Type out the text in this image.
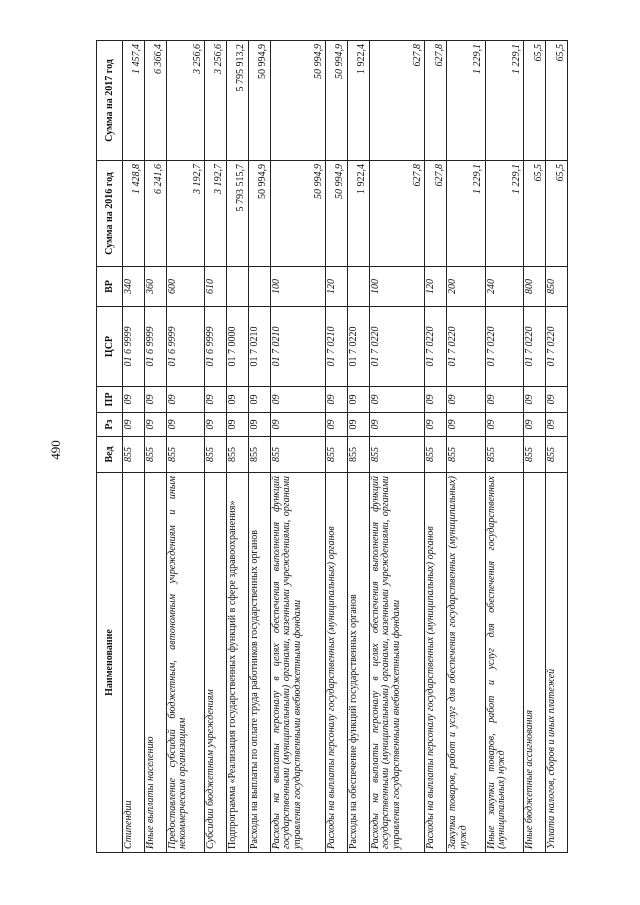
490
Наименование	Вед	Рз	ПР	ЦСР	ВР	Сумма на 2016 год	Сумма на 2017 год
Стипендии	855	09	09	01 6 9999	340	1 428,8	1 457,4
Иные выплаты населению	855	09	09	01 6 9999	360	6 241,6	6 366,4
Предоставление субсидий бюджетным, автономным учреждениям и иным некоммерческим организациям	855	09	09	01 6 9999	600	3 192,7	3 256,6
Субсидии бюджетным учреждениям	855	09	09	01 6 9999	610	3 192,7	3 256,6
Подпрограмма «Реализация государственных функций в сфере здравоохранения»	855	09	09	01 7 0000		5 793 515,7	5 795 913,2
Расходы на выплаты по оплате труда работников государственных органов	855	09	09	01 7 0210		50 994,9	50 994,9
Расходы на выплаты персоналу в целях обеспечения выполнения функций государственными (муниципальными) органами, казенными учреждениями, органами управления государственными внебюджетными фондами	855	09	09	01 7 0210	100	50 994,9	50 994,9
Расходы на выплаты персоналу государственных (муниципальных) органов	855	09	09	01 7 0210	120	50 994,9	50 994,9
Расходы на обеспечение функций государственных органов	855	09	09	01 7 0220		1 922,4	1 922,4
Расходы на выплаты персоналу в целях обеспечения выполнения функций государственными (муниципальными) органами, казенными учреждениями, органами управления государственными внебюджетными фондами	855	09	09	01 7 0220	100	627,8	627,8
Расходы на выплаты персоналу государственных (муниципальных) органов	855	09	09	01 7 0220	120	627,8	627,8
Закупка товаров, работ и услуг для обеспечения государственных (муниципальных) нужд	855	09	09	01 7 0220	200	1 229,1	1 229,1
Иные закупки товаров, работ и услуг для обеспечения государственных (муниципальных) нужд	855	09	09	01 7 0220	240	1 229,1	1 229,1
Иные бюджетные ассигнования	855	09	09	01 7 0220	800	65,5	65,5
Уплата налогов, сборов и иных платежей	855	09	09	01 7 0220	850	65,5	65,5
